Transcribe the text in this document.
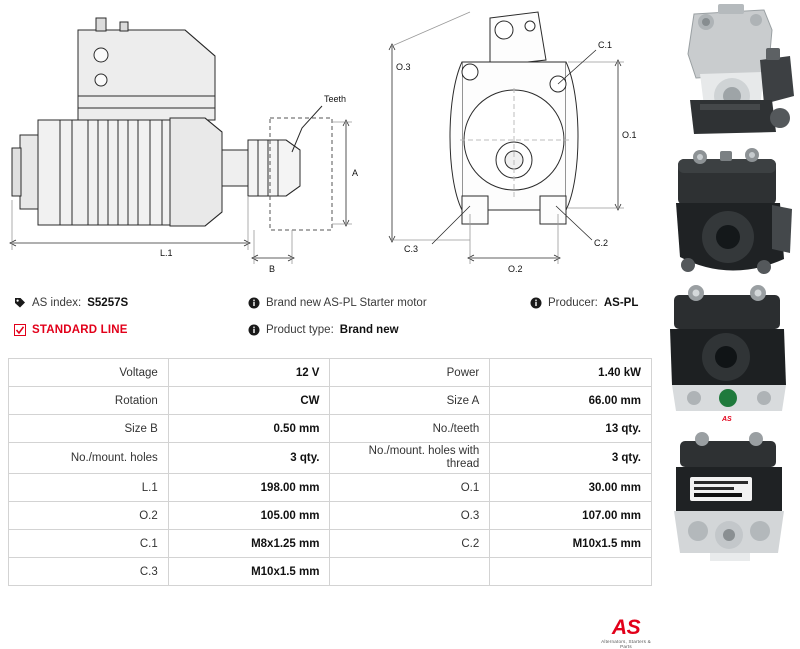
Teeth
A
L.1
B
O.3
O.1
O.2
C.1
C.2
C.3
AS
AS index: S5257S
STANDARD LINE
Brand new AS-PL Starter motor
Product type: Brand new
Producer: AS-PL
AS
Alternators, Starters & Parts
Voltage	12 V	Power	1.40 kW
Rotation	CW	Size A	66.00 mm
Size B	0.50 mm	No./teeth	13 qty.
No./mount. holes	3 qty.	No./mount. holes with thread	3 qty.
L.1	198.00 mm	O.1	30.00 mm
O.2	105.00 mm	O.3	107.00 mm
C.1	M8x1.25 mm	C.2	M10x1.5 mm
C.3	M10x1.5 mm		
